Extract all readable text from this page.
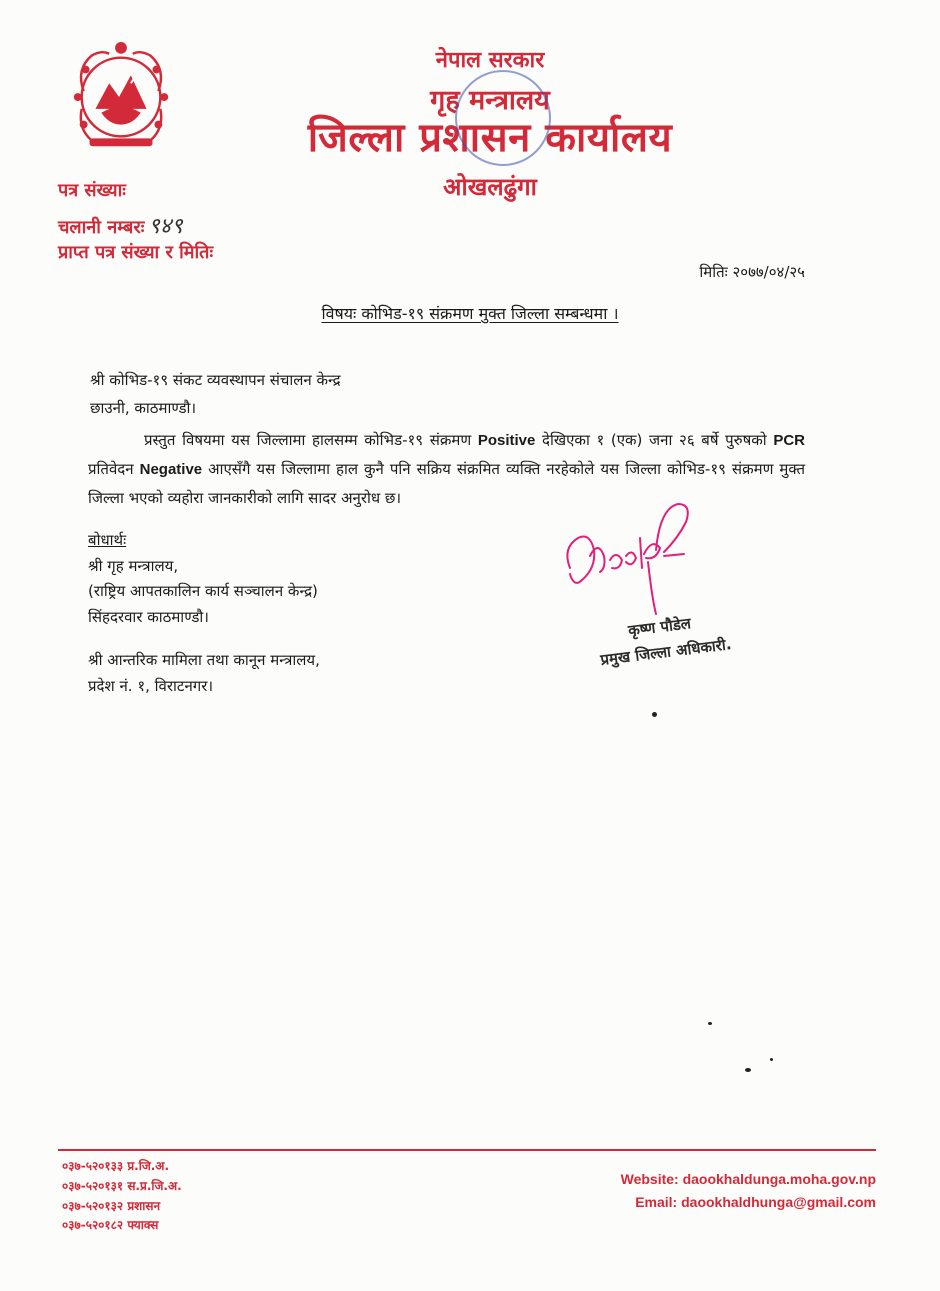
नेपाल सरकार
गृह मन्त्रालय
जिल्ला प्रशासन कार्यालय
ओखलढुंगा
पत्र संख्याः
चलानी नम्बरः ९४९
प्राप्त पत्र संख्या र मितिः
मितिः २०७७/०४/२५
विषयः कोभिड-१९ संक्रमण मुक्त जिल्ला सम्बन्धमा ।
श्री कोभिड-१९ संकट व्यवस्थापन संचालन केन्द्र
छाउनी, काठमाण्डौ।

प्रस्तुत विषयमा यस जिल्लामा हालसम्म कोभिड-१९ संक्रमण Positive देखिएका १ (एक) जना २६ बर्षे पुरुषको PCR प्रतिवेदन Negative आएसँगै यस जिल्लामा हाल कुनै पनि सक्रिय संक्रमित व्यक्ति नरहेकोले यस जिल्ला कोभिड-१९ संक्रमण मुक्त जिल्ला भएको व्यहोरा जानकारीको लागि सादर अनुरोध छ।

बोधार्थः
श्री गृह मन्त्रालय,
(राष्ट्रिय आपतकालिन कार्य सञ्चालन केन्द्र)
सिंहदरवार काठमाण्डौ।
श्री आन्तरिक मामिला तथा कानून मन्त्रालय,
प्रदेश नं. १, विराटनगर।
कृष्ण पौडेल
प्रमुख जिल्ला अधिकारी.
०३७-५२०१३३ प्र.जि.अ.
०३७-५२०१३१ स.प्र.जि.अ.
०३७-५२०१३२ प्रशासन
०३७-५२०१८२ फ्याक्स
Website: daookhaldunga.moha.gov.np
Email: daookhaldhunga@gmail.com
